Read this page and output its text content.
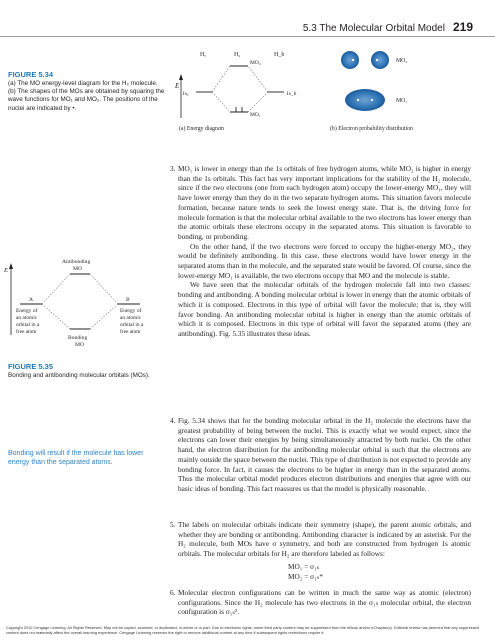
5.3 The Molecular Orbital Model 219
FIGURE 5.34
(a) The MO energy-level diagram for the H₂ molecule. (b) The shapes of the MOs are obtained by squaring the wave functions for MO₁ and MO₂. The positions of the nuclei are indicated by •.
E
Hₐ	H₂	H_b
1sₐ	1s_b
MO₂
MO₁
(a) Energy diagram	(b) Electron probability distribution
MO₂
MO₁
E
Antibonding
MO
A	B
Energy of
an atomic
orbital in a
free atom
Energy of
an atomic
orbital in a
free atom
Bonding
MO
FIGURE 5.35
Bonding and antibonding molecular orbitals (MOs).
Bonding will result if the molecule has lower energy than the separated atoms.
3. MO₁ is lower in energy than the 1s orbitals of free hydrogen atoms, while MO₂ is higher in energy than the 1s orbitals. This fact has very important implications for the stability of the H₂ molecule, since if the two electrons (one from each hydrogen atom) occupy the lower-energy MO₁, they will have lower energy than they do in the two separate hydrogen atoms. This situation favors molecule formation, because nature tends to seek the lowest energy state. That is, the driving force for molecule formation is that the molecular orbital available to the two electrons has lower energy than the atomic orbitals these electrons occupy in the separated atoms. This situation is favorable to bonding, or probonding.

On the other hand, if the two electrons were forced to occupy the higher-energy MO₂, they would be definitely antibonding. In this case, these electrons would have lower energy in the separated atoms than in the molecule, and the separated state would be favored. Of course, since the lower-energy MO₁ is available, the two electrons occupy that MO and the molecule is stable.

We have seen that the molecular orbitals of the hydrogen molecule fall into two classes: bonding and antibonding. A bonding molecular orbital is lower in energy than the atomic orbitals of which it is composed. Electrons in this type of orbital will favor the molecule; that is, they will favor bonding. An antibonding molecular orbital is higher in energy than the atomic orbitals of which it is composed. Electrons in this type of orbital will favor the separated atoms (they are antibonding). Fig. 5.35 illustrates these ideas.

4. Fig. 5.34 shows that for the bonding molecular orbital in the H₂ molecule the electrons have the greatest probability of being between the nuclei. This is exactly what we would expect, since the electrons can lower their energies by being simultaneously attracted by both nuclei. On the other hand, the electron distribution for the antibonding molecular orbital is such that the electrons are mainly outside the space between the nuclei. This type of distribution is not expected to provide any bonding force. In fact, it causes the electrons to be higher in energy than in the separated atoms. Thus the molecular orbital model produces electron distributions and energies that agree with our basic ideas of bonding. This fact reassures us that the model is physically reasonable.

5. The labels on molecular orbitals indicate their symmetry (shape), the parent atomic orbitals, and whether they are bonding or antibonding. Antibonding character is indicated by an asterisk. For the H₂ molecule, both MOs have σ symmetry, and both are constructed from hydrogen 1s atomic orbitals. The molecular orbitals for H₂ are therefore labeled as follows:

MO₁ = σ₁ₛ
MO₂ = σ₁ₛ*
6. Molecular electron configurations can be written in much the same way as atomic (electron) configurations. Since the H₂ molecule has two electrons in the σ₁ₛ molecular orbital, the electron configuration is σ₁ₛ².

Copyright 2010 Cengage Learning. All Rights Reserved. May not be copied, scanned, or duplicated, in whole or in part. Due to electronic rights, some third party content may be suppressed from the eBook and/or eChapter(s). Editorial review has deemed that any suppressed content does not materially affect the overall learning experience. Cengage Learning reserves the right to remove additional content at any time if subsequent rights restrictions require it.
